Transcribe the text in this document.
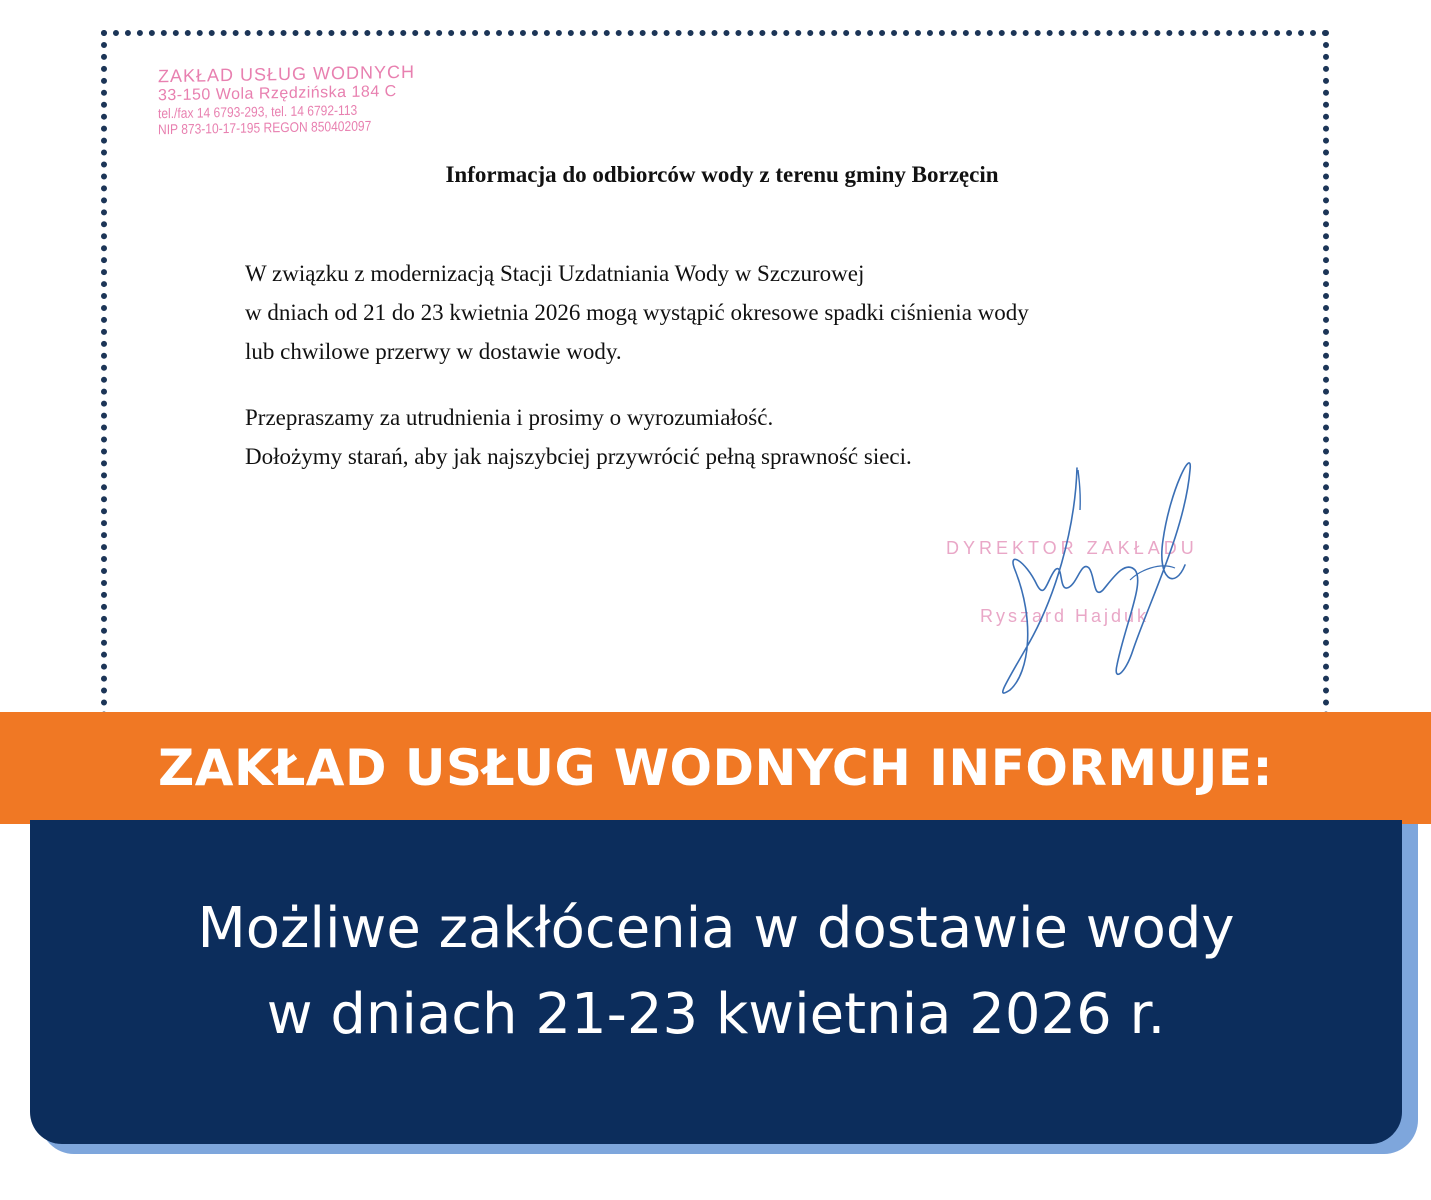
ZAKŁAD USŁUG WODNYCH
33-150 Wola Rzędzińska 184 C
tel./fax 14 6793-293, tel. 14 6792-113
NIP 873-10-17-195 REGON 850402097
Informacja do odbiorców wody z terenu gminy Borzęcin
W związku z modernizacją Stacji Uzdatniania Wody w Szczurowej
w dniach od 21 do 23 kwietnia 2026 mogą wystąpić okresowe spadki ciśnienia wody
lub chwilowe przerwy w dostawie wody.
Przepraszamy za utrudnienia i prosimy o wyrozumiałość.
Dołożymy starań, aby jak najszybciej przywrócić pełną sprawność sieci.
DYREKTOR ZAKŁADU
Ryszard Hajduk
ZAKŁAD USŁUG WODNYCH INFORMUJE:
Możliwe zakłócenia w dostawie wody
w dniach 21-23 kwietnia 2026 r.
